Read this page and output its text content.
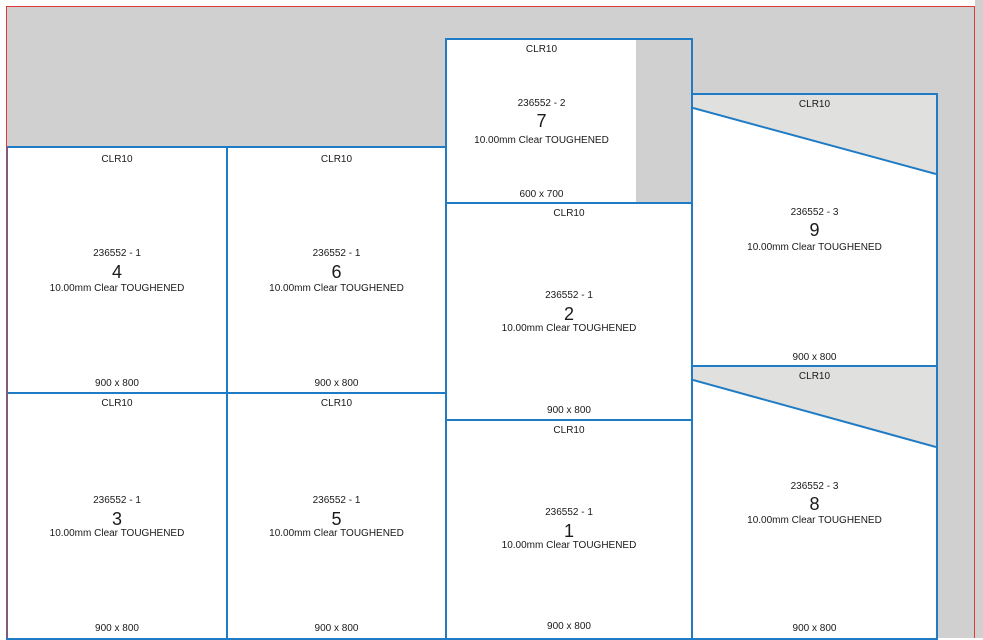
CLR10
236552 - 1
4
10.00mm Clear TOUGHENED
900 x 800
CLR10
236552 - 1
6
10.00mm Clear TOUGHENED
900 x 800
CLR10
236552 - 1
3
10.00mm Clear TOUGHENED
900 x 800
CLR10
236552 - 1
5
10.00mm Clear TOUGHENED
900 x 800
CLR10
236552 - 2
7
10.00mm Clear TOUGHENED
600 x 700
CLR10
236552 - 1
2
10.00mm Clear TOUGHENED
900 x 800
CLR10
236552 - 1
1
10.00mm Clear TOUGHENED
900 x 800
CLR10
236552 - 3
9
10.00mm Clear TOUGHENED
900 x 800
CLR10
236552 - 3
8
10.00mm Clear TOUGHENED
900 x 800
